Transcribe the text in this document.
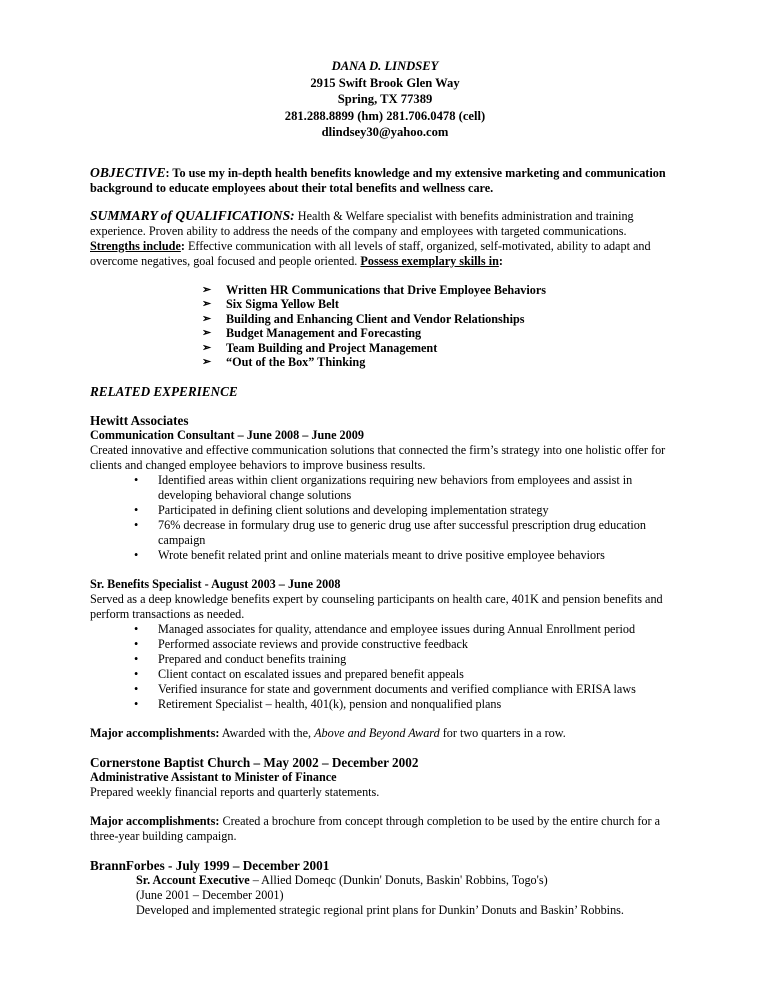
DANA D. LINDSEY
2915 Swift Brook Glen Way
Spring, TX 77389
281.288.8899 (hm) 281.706.0478 (cell)
dlindsey30@yahoo.com

OBJECTIVE: To use my in-depth health benefits knowledge and my extensive marketing and communication background to educate employees about their total benefits and wellness care.

SUMMARY of QUALIFICATIONS: Health & Welfare specialist with benefits administration and training experience. Proven ability to address the needs of the company and employees with targeted communications.
Strengths include: Effective communication with all levels of staff, organized, self-motivated, ability to adapt and overcome negatives, goal focused and people oriented. Possess exemplary skills in:

➢ Written HR Communications that Drive Employee Behaviors
➢ Six Sigma Yellow Belt
➢ Building and Enhancing Client and Vendor Relationships
➢ Budget Management and Forecasting
➢ Team Building and Project Management
➢ “Out of the Box” Thinking
RELATED EXPERIENCE
Hewitt Associates
Communication Consultant – June 2008 – June 2009

Created innovative and effective communication solutions that connected the firm’s strategy into one holistic offer for clients and changed employee behaviors to improve business results.

• Identified areas within client organizations requiring new behaviors from employees and assist in developing behavioral change solutions
• Participated in defining client solutions and developing implementation strategy
• 76% decrease in formulary drug use to generic drug use after successful prescription drug education campaign
• Wrote benefit related print and online materials meant to drive positive employee behaviors
Sr. Benefits Specialist - August 2003 – June 2008

Served as a deep knowledge benefits expert by counseling participants on health care, 401K and pension benefits and perform transactions as needed.

• Managed associates for quality, attendance and employee issues during Annual Enrollment period
• Performed associate reviews and provide constructive feedback
• Prepared and conduct benefits training
• Client contact on escalated issues and prepared benefit appeals
• Verified insurance for state and government documents and verified compliance with ERISA laws
• Retirement Specialist – health, 401(k), pension and nonqualified plans

Major accomplishments: Awarded with the, Above and Beyond Award for two quarters in a row.

Cornerstone Baptist Church – May 2002 – December 2002
Administrative Assistant to Minister of Finance

Prepared weekly financial reports and quarterly statements.

Major accomplishments: Created a brochure from concept through completion to be used by the entire church for a three-year building campaign.

BrannForbes - July 1999 – December 2001
Sr. Account Executive – Allied Domeqc (Dunkin' Donuts, Baskin' Robbins, Togo's)
(June 2001 – December 2001)
Developed and implemented strategic regional print plans for Dunkin’ Donuts and Baskin’ Robbins.
